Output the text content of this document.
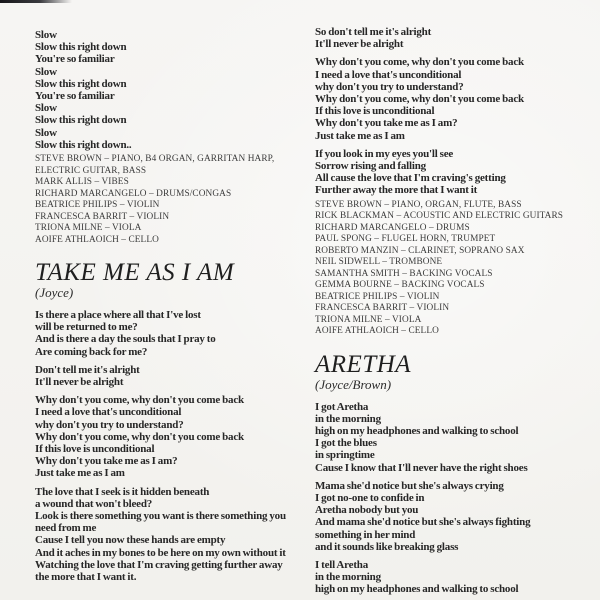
Slow
Slow this right down
You're so familiar
Slow
Slow this right down
You're so familiar
Slow
Slow this right down
Slow
Slow this right down..
STEVE BROWN – PIANO, B4 ORGAN, GARRITAN HARP,
ELECTRIC GUITAR, BASS
MARK ALLIS – VIBES
RICHARD MARCANGELO – DRUMS/CONGAS
BEATRICE PHILIPS – VIOLIN
FRANCESCA BARRIT – VIOLIN
TRIONA MILNE – VIOLA
AOIFE ATHLAOICH – CELLO
TAKE ME AS I AM
(Joyce)
Is there a place where all that I've lost
will be returned to me?
And is there a day the souls that I pray to
Are coming back for me?
Don't tell me it's alright
It'll never be alright
Why don't you come, why don't you come back
I need a love that's unconditional
why don't you try to understand?
Why don't you come, why don't you come back
If this love is unconditional
Why don't you take me as I am?
Just take me as I am
The love that I seek is it hidden beneath
a wound that won't bleed?
Look is there something you want is there something you
need from me
Cause I tell you now these hands are empty
And it aches in my bones to be here on my own without it
Watching the love that I'm craving getting further away
the more that I want it.
So don't tell me it's alright
It'll never be alright
Why don't you come, why don't you come back
I need a love that's unconditional
why don't you try to understand?
Why don't you come, why don't you come back
If this love is unconditional
Why don't you take me as I am?
Just take me as I am
If you look in my eyes you'll see
Sorrow rising and falling
All cause the love that I'm craving's getting
Further away the more that I want it
STEVE BROWN – PIANO, ORGAN, FLUTE, BASS
RICK BLACKMAN – ACOUSTIC AND ELECTRIC GUITARS
RICHARD MARCANGELO – DRUMS
PAUL SPONG – FLUGEL HORN, TRUMPET
ROBERTO MANZIN – CLARINET, SOPRANO SAX
NEIL SIDWELL – TROMBONE
SAMANTHA SMITH – BACKING VOCALS
GEMMA BOURNE – BACKING VOCALS
BEATRICE PHILIPS – VIOLIN
FRANCESCA BARRIT – VIOLIN
TRIONA MILNE – VIOLA
AOIFE ATHLAOICH – CELLO
ARETHA
(Joyce/Brown)
I got Aretha
in the morning
high on my headphones and walking to school
I got the blues
in springtime
Cause I know that I'll never have the right shoes
Mama she'd notice but she's always crying
I got no-one to confide in
Aretha nobody but you
And mama she'd notice but she's always fighting
something in her mind
and it sounds like breaking glass
I tell Aretha
in the morning
high on my headphones and walking to school
